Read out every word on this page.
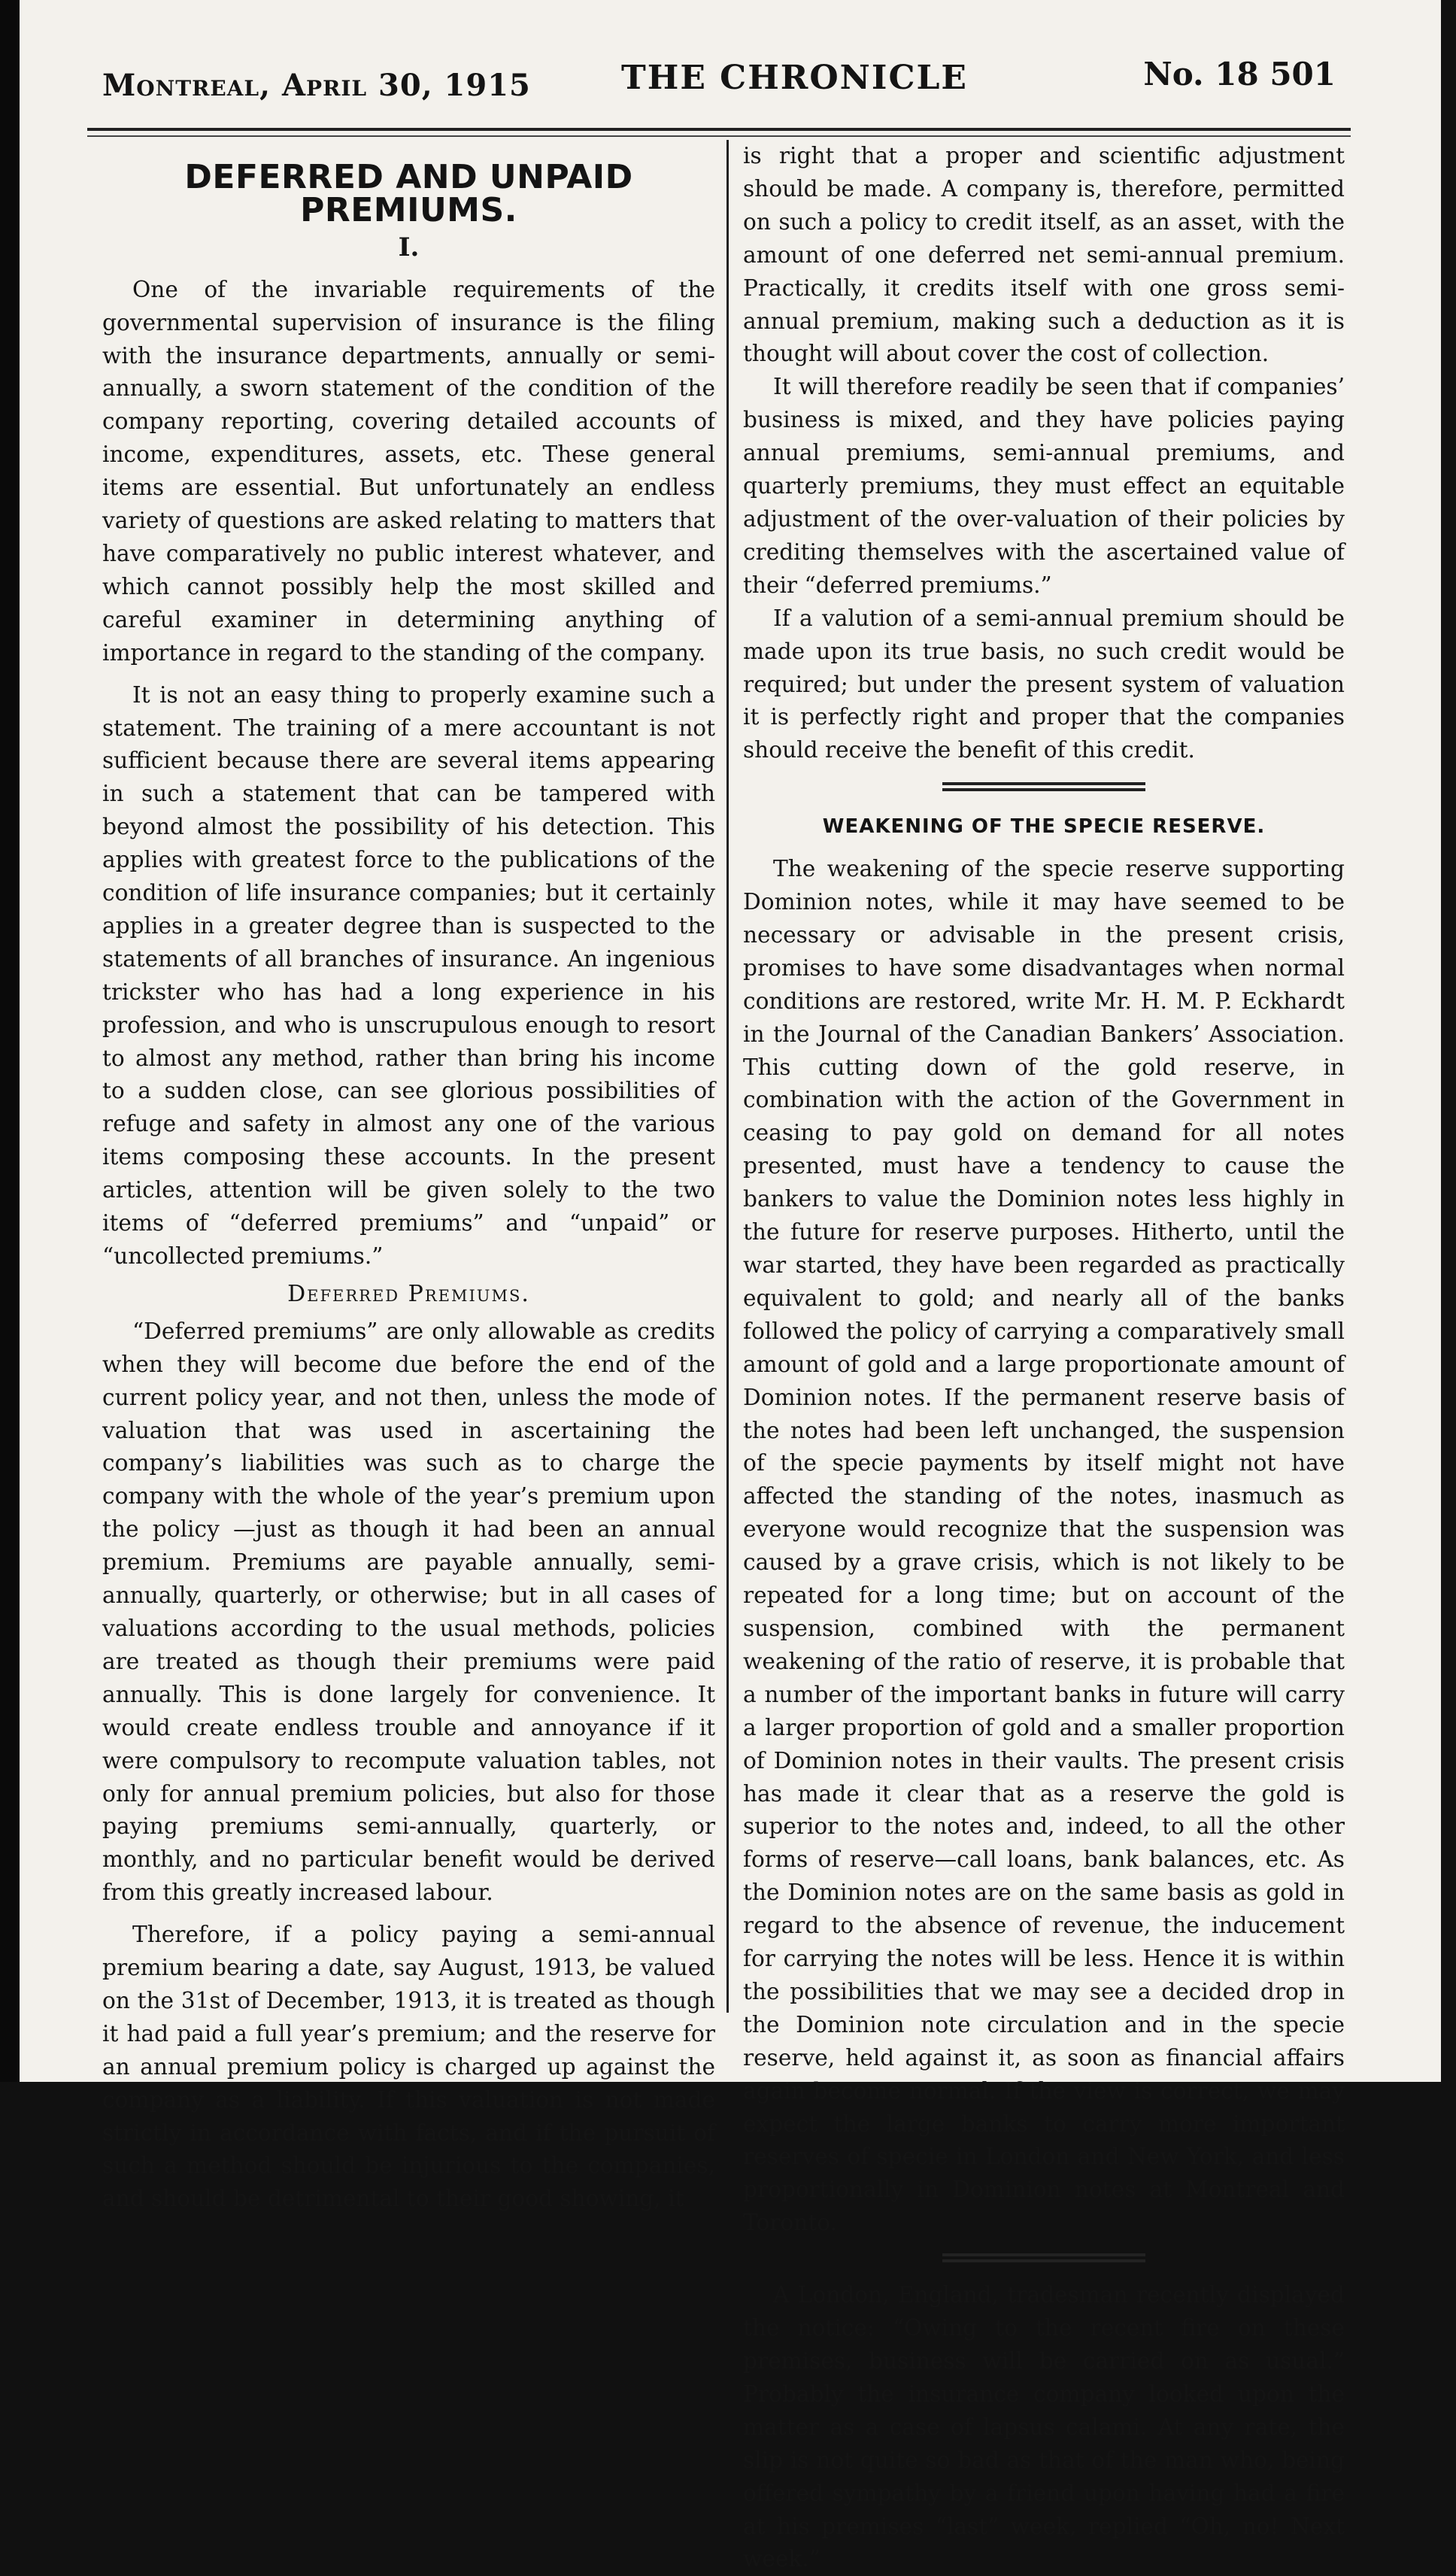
Montreal, April 30, 1915	THE CHRONICLE	No. 18 501
DEFERRED AND UNPAID PREMIUMS.
I.

One of the invariable requirements of the governmental supervision of insurance is the filing with the insurance departments, annually or semi-annually, a sworn statement of the condition of the company reporting, covering detailed accounts of income, expenditures, assets, etc. These general items are essential. But unfortunately an endless variety of questions are asked relating to matters that have comparatively no public interest whatever, and which cannot possibly help the most skilled and careful examiner in determining anything of importance in regard to the standing of the company.

It is not an easy thing to properly examine such a statement. The training of a mere accountant is not sufficient because there are several items appearing in such a statement that can be tampered with beyond almost the possibility of his detection. This applies with greatest force to the publications of the condition of life insurance companies; but it certainly applies in a greater degree than is suspected to the statements of all branches of insurance. An ingenious trickster who has had a long experience in his profession, and who is unscrupulous enough to resort to almost any method, rather than bring his income to a sudden close, can see glorious possibilities of refuge and safety in almost any one of the various items composing these accounts. In the present articles, attention will be given solely to the two items of “deferred premiums” and “unpaid” or “uncollected premiums.”

Deferred Premiums.

“Deferred premiums” are only allowable as credits when they will become due before the end of the current policy year, and not then, unless the mode of valuation that was used in ascertaining the company’s liabilities was such as to charge the company with the whole of the year’s premium upon the policy —just as though it had been an annual premium. Premiums are payable annually, semi-annually, quarterly, or otherwise; but in all cases of valuations according to the usual methods, policies are treated as though their premiums were paid annually. This is done largely for convenience. It would create endless trouble and annoyance if it were compulsory to recompute valuation tables, not only for annual premium policies, but also for those paying premiums semi-annually, quarterly, or monthly, and no particular benefit would be derived from this greatly increased labour.

Therefore, if a policy paying a semi-annual premium bearing a date, say August, 1913, be valued on the 31st of December, 1913, it is treated as though it had paid a full year’s premium; and the reserve for an annual premium policy is charged up against the company as a liability. If this valuation is not made strictly in accordance with facts, and if the pursuit of such a method should be injurious to the companies, and should be detrimental to their good showing, it

is right that a proper and scientific adjustment should be made. A company is, therefore, permitted on such a policy to credit itself, as an asset, with the amount of one deferred net semi-annual premium. Practically, it credits itself with one gross semi-annual premium, making such a deduction as it is thought will about cover the cost of collection.

It will therefore readily be seen that if companies’ business is mixed, and they have policies paying annual premiums, semi-annual premiums, and quarterly premiums, they must effect an equitable adjustment of the over-valuation of their policies by crediting themselves with the ascertained value of their “deferred premiums.”

If a valution of a semi-annual premium should be made upon its true basis, no such credit would be required; but under the present system of valuation it is perfectly right and proper that the companies should receive the benefit of this credit.

WEAKENING OF THE SPECIE RESERVE.

The weakening of the specie reserve supporting Dominion notes, while it may have seemed to be necessary or advisable in the present crisis, promises to have some disadvantages when normal conditions are restored, write Mr. H. M. P. Eckhardt in the Journal of the Canadian Bankers’ Association. This cutting down of the gold reserve, in combination with the action of the Government in ceasing to pay gold on demand for all notes presented, must have a tendency to cause the bankers to value the Dominion notes less highly in the future for reserve purposes. Hitherto, until the war started, they have been regarded as practically equivalent to gold; and nearly all of the banks followed the policy of carrying a comparatively small amount of gold and a large proportionate amount of Dominion notes. If the permanent reserve basis of the notes had been left unchanged, the suspension of the specie payments by itself might not have affected the standing of the notes, inasmuch as everyone would recognize that the suspension was caused by a grave crisis, which is not likely to be repeated for a long time; but on account of the suspension, combined with the permanent weakening of the ratio of reserve, it is probable that a number of the important banks in future will carry a larger proportion of gold and a smaller proportion of Dominion notes in their vaults. The present crisis has made it clear that as a reserve the gold is superior to the notes and, indeed, to all the other forms of reserve—call loans, bank balances, etc. As the Dominion notes are on the same basis as gold in regard to the absence of revenue, the inducement for carrying the notes will be less. Hence it is within the possibilities that we may see a decided drop in the Dominion note circulation and in the specie reserve, held against it, as soon as financial affairs again become normal. If the view is correct, we may expect the large banks to carry more important reserves of specie in London and New York, and less proportionally in Dominion notes at Montreal and Toronto.

A London, England, tradesman recently displayed the notice: “Owing to the recent fire on these premises, business will be carried on as usual.” Probably the insurance company looked upon the matter as a case of lapsus calami. At any rate, the slip is not quite so bad as that of the man who, being offered sympathy by a friend upon having had a fire at his premises “last” week, replied “Oh, no! Next week.”
